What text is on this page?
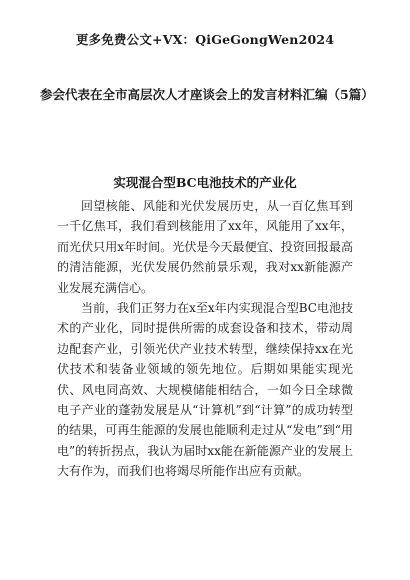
更多免费公文+VX：QiGeGongWen2024
参会代表在全市高层次人才座谈会上的发言材料汇编（5篇）
实现混合型BC电池技术的产业化

回望核能、风能和光伏发展历史，从一百亿焦耳到一千亿焦耳，我们看到核能用了xx年，风能用了xx年，而光伏只用x年时间。光伏是今天最便宜、投资回报最高的清洁能源，光伏发展仍然前景乐观，我对xx新能源产业发展充满信心。

当前，我们正努力在x至x年内实现混合型BC电池技术的产业化，同时提供所需的成套设备和技术，带动周边配套产业，引领光伏产业技术转型，继续保持xx在光伏技术和装备业领域的领先地位。后期如果能实现光伏、风电同高效、大规模储能相结合，一如今日全球微电子产业的蓬勃发展是从“计算机”到“计算”的成功转型的结果，可再生能源的发展也能顺利走过从“发电”到“用电”的转折拐点，我认为届时xx能在新能源产业的发展上大有作为，而我们也将竭尽所能作出应有贡献。
